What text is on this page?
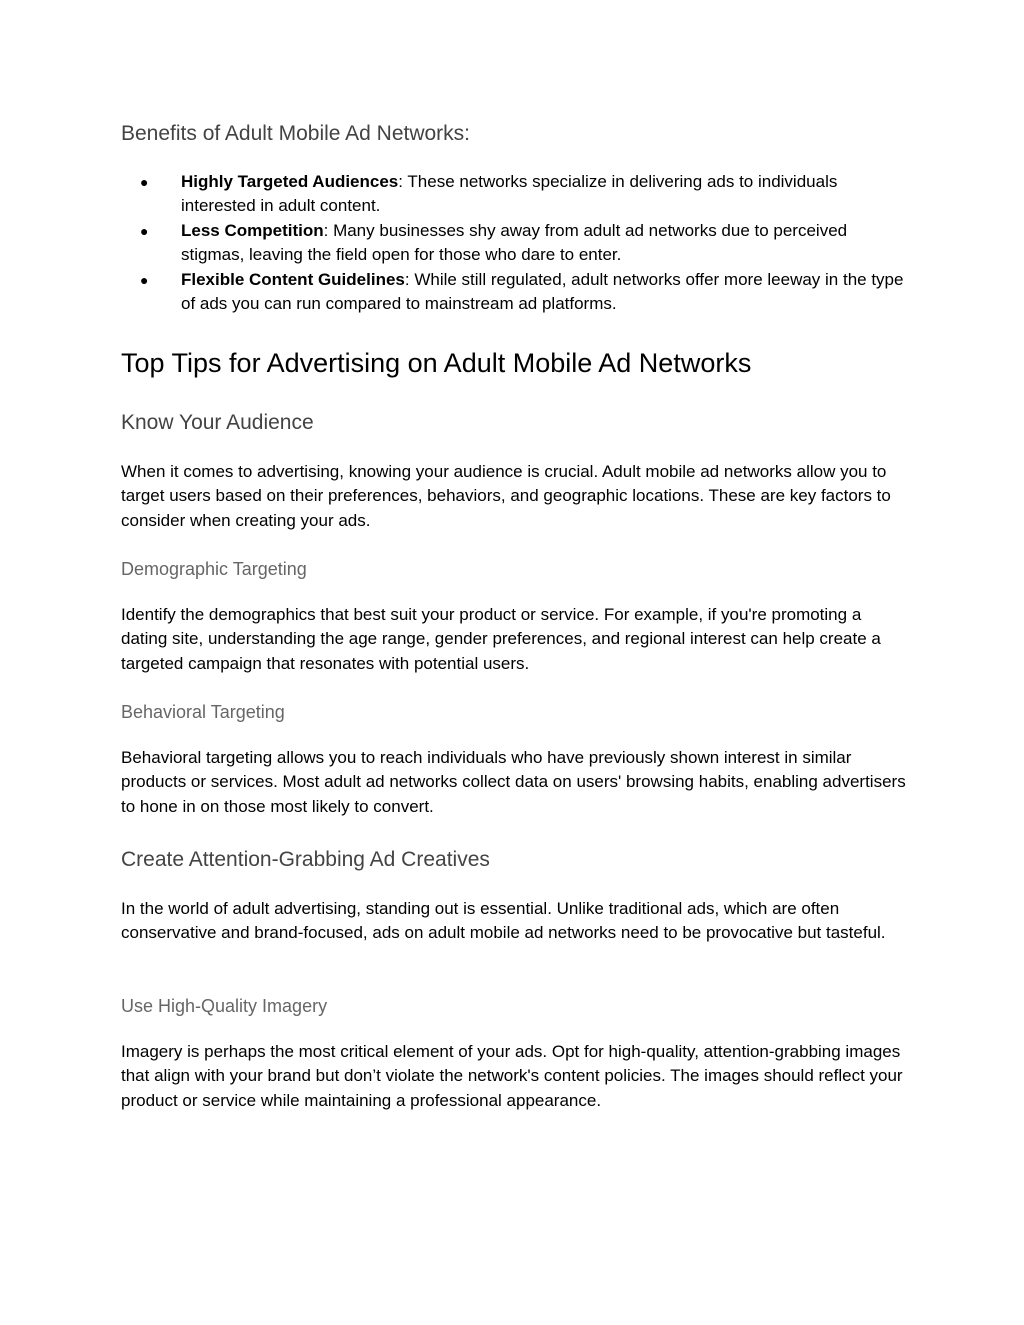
Benefits of Adult Mobile Ad Networks:
● Highly Targeted Audiences: These networks specialize in delivering ads to individuals interested in adult content.
● Less Competition: Many businesses shy away from adult ad networks due to perceived stigmas, leaving the field open for those who dare to enter.
● Flexible Content Guidelines: While still regulated, adult networks offer more leeway in the type of ads you can run compared to mainstream ad platforms.
Top Tips for Advertising on Adult Mobile Ad Networks
Know Your Audience

When it comes to advertising, knowing your audience is crucial. Adult mobile ad networks allow you to target users based on their preferences, behaviors, and geographic locations. These are key factors to consider when creating your ads.

Demographic Targeting

Identify the demographics that best suit your product or service. For example, if you're promoting a dating site, understanding the age range, gender preferences, and regional interest can help create a targeted campaign that resonates with potential users.

Behavioral Targeting

Behavioral targeting allows you to reach individuals who have previously shown interest in similar products or services. Most adult ad networks collect data on users' browsing habits, enabling advertisers to hone in on those most likely to convert.

Create Attention-Grabbing Ad Creatives

In the world of adult advertising, standing out is essential. Unlike traditional ads, which are often conservative and brand-focused, ads on adult mobile ad networks need to be provocative but tasteful.

Use High-Quality Imagery

Imagery is perhaps the most critical element of your ads. Opt for high-quality, attention-grabbing images that align with your brand but don’t violate the network's content policies. The images should reflect your product or service while maintaining a professional appearance.
